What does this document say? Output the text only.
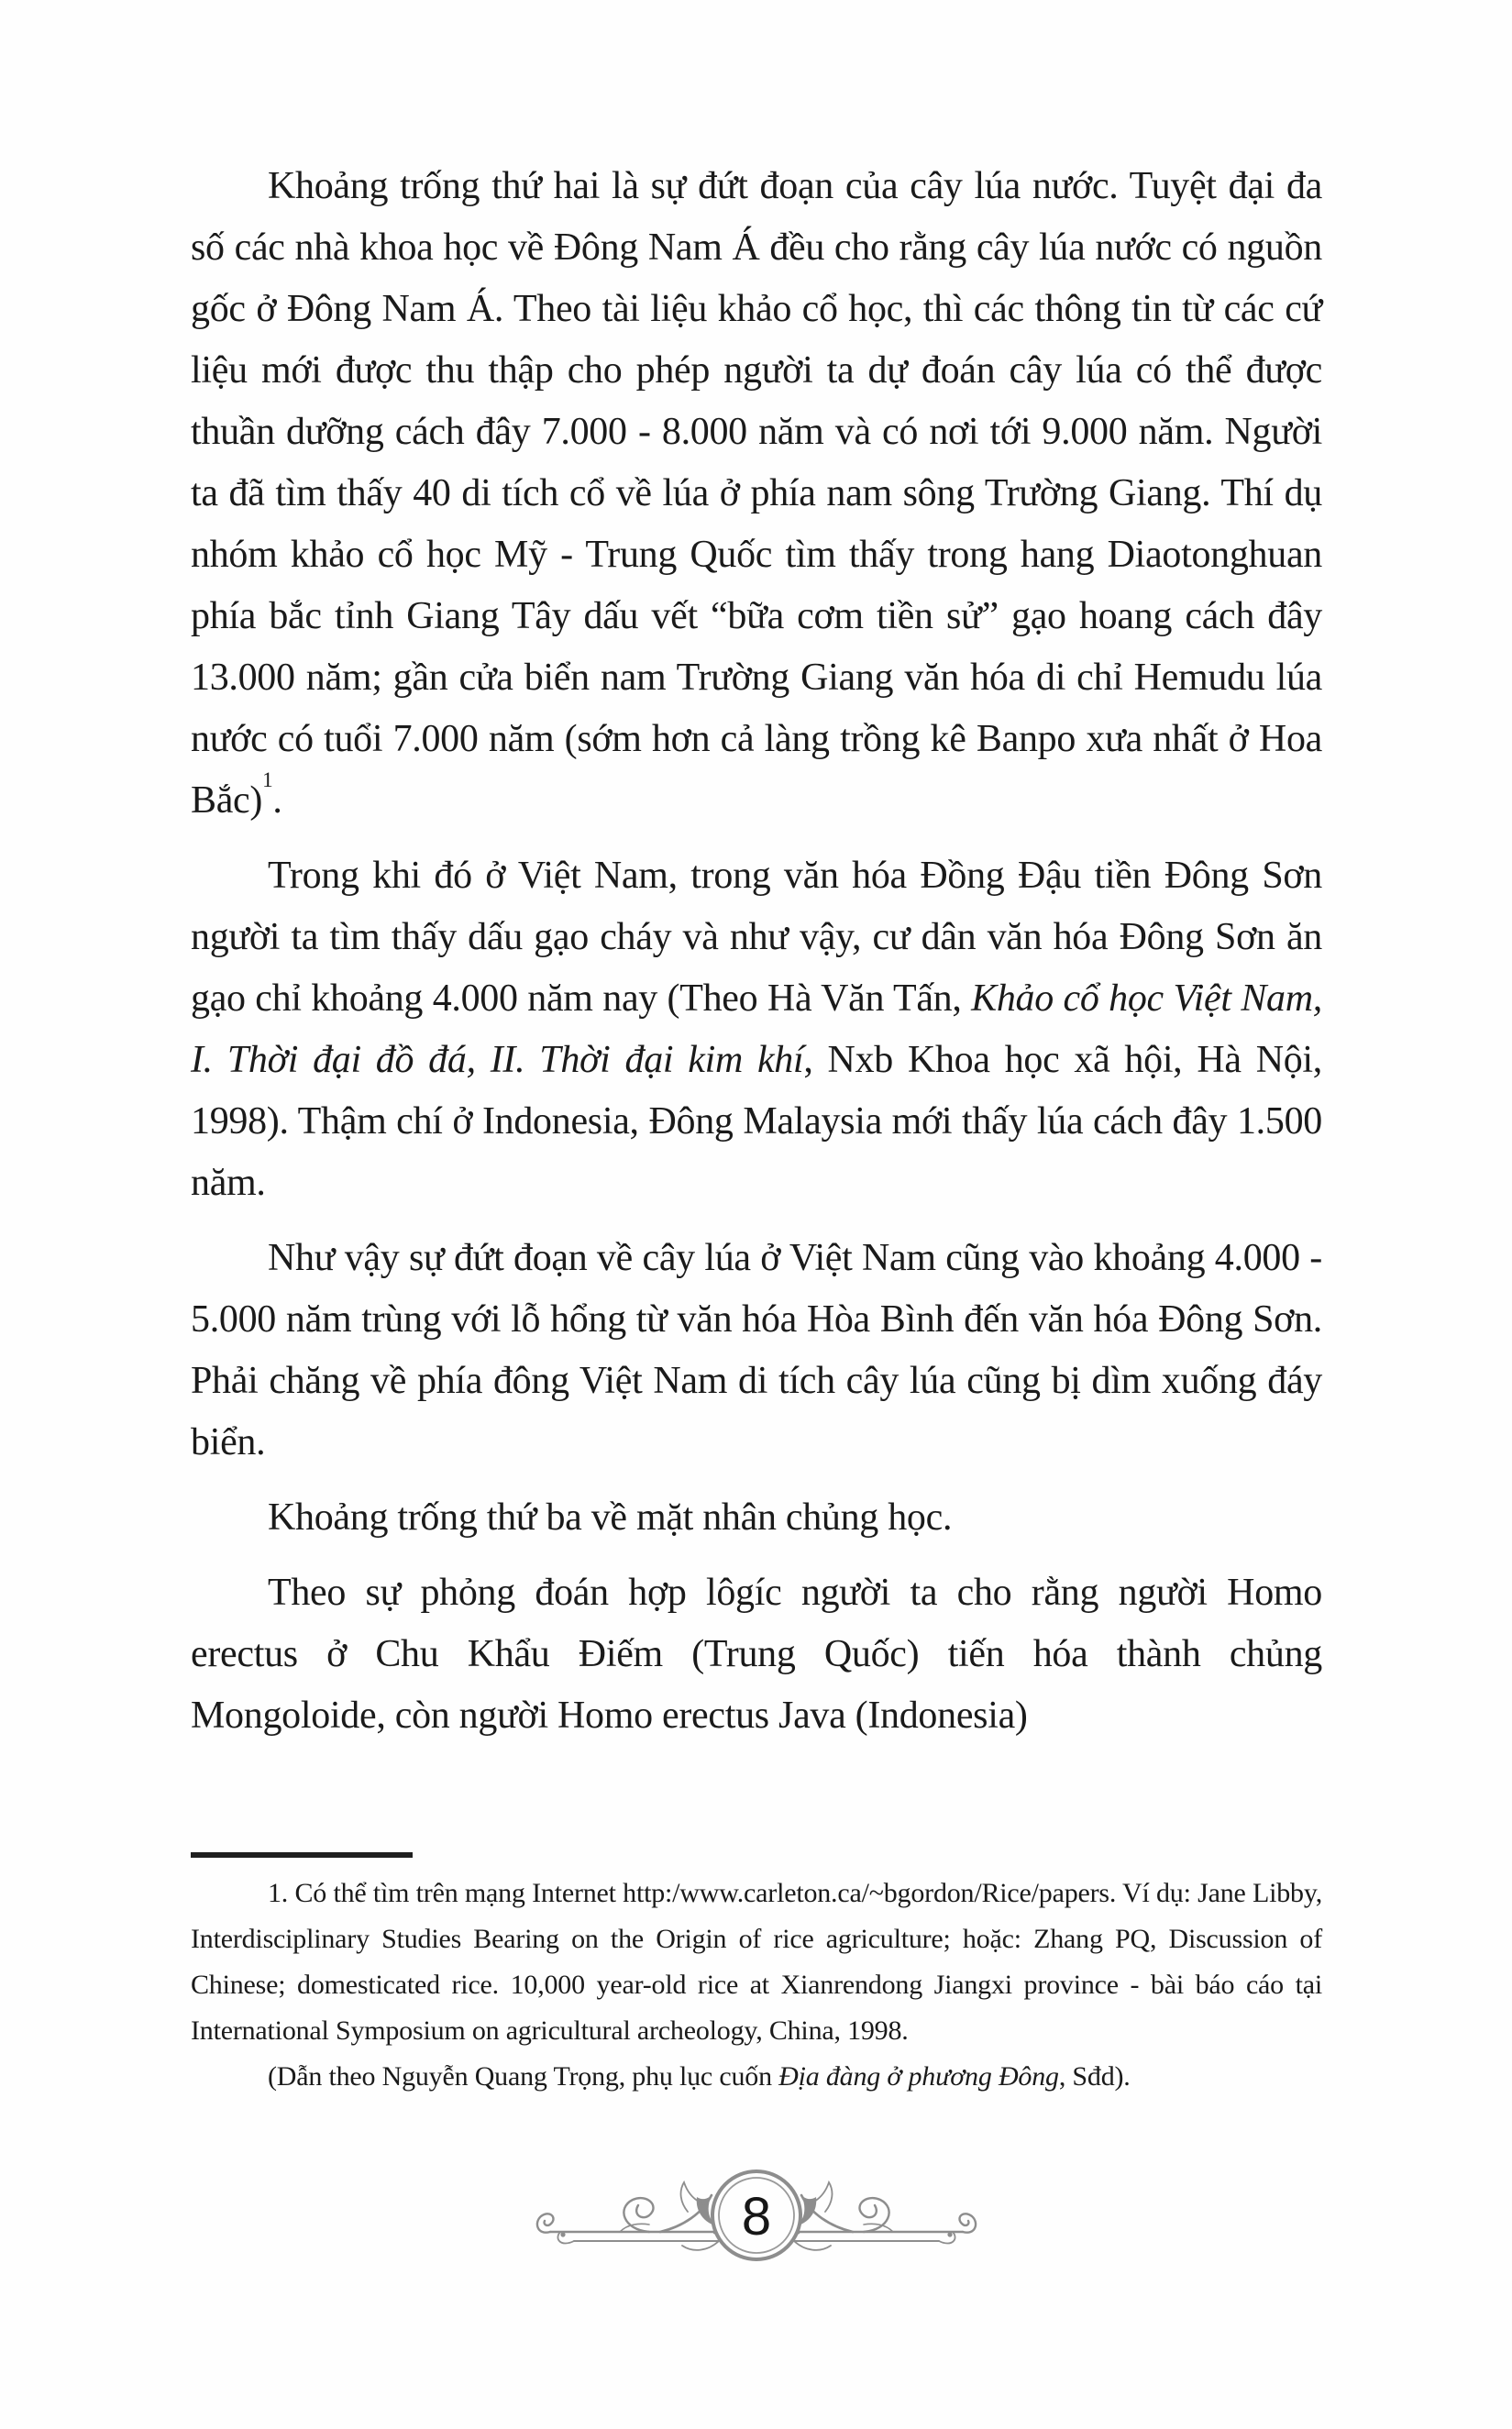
Khoảng trống thứ hai là sự đứt đoạn của cây lúa nước. Tuyệt đại đa số các nhà khoa học về Đông Nam Á đều cho rằng cây lúa nước có nguồn gốc ở Đông Nam Á. Theo tài liệu khảo cổ học, thì các thông tin từ các cứ liệu mới được thu thập cho phép người ta dự đoán cây lúa có thể được thuần dưỡng cách đây 7.000 - 8.000 năm và có nơi tới 9.000 năm. Người ta đã tìm thấy 40 di tích cổ về lúa ở phía nam sông Trường Giang. Thí dụ nhóm khảo cổ học Mỹ - Trung Quốc tìm thấy trong hang Diaotonghuan phía bắc tỉnh Giang Tây dấu vết “bữa cơm tiền sử” gạo hoang cách đây 13.000 năm; gần cửa biển nam Trường Giang văn hóa di chỉ Hemudu lúa nước có tuổi 7.000 năm (sớm hơn cả làng trồng kê Banpo xưa nhất ở Hoa Bắc)$^1$.

Trong khi đó ở Việt Nam, trong văn hóa Đồng Đậu tiền Đông Sơn người ta tìm thấy dấu gạo cháy và như vậy, cư dân văn hóa Đông Sơn ăn gạo chỉ khoảng 4.000 năm nay (Theo Hà Văn Tấn, Khảo cổ học Việt Nam, I. Thời đại đồ đá, II. Thời đại kim khí, Nxb Khoa học xã hội, Hà Nội, 1998). Thậm chí ở Indonesia, Đông Malaysia mới thấy lúa cách đây 1.500 năm.

Như vậy sự đứt đoạn về cây lúa ở Việt Nam cũng vào khoảng 4.000 - 5.000 năm trùng với lỗ hổng từ văn hóa Hòa Bình đến văn hóa Đông Sơn. Phải chăng về phía đông Việt Nam di tích cây lúa cũng bị dìm xuống đáy biển.

Khoảng trống thứ ba về mặt nhân chủng học.

Theo sự phỏng đoán hợp lôgíc người ta cho rằng người Homo erectus ở Chu Khẩu Điếm (Trung Quốc) tiến hóa thành chủng Mongoloide, còn người Homo erectus Java (Indonesia)

1. Có thể tìm trên mạng Internet http:/www.carleton.ca/~bgordon/Rice/papers. Ví dụ: Jane Libby, Interdisciplinary Studies Bearing on the Origin of rice agriculture; hoặc: Zhang PQ, Discussion of Chinese; domesticated rice. 10,000 year-old rice at Xianrendong Jiangxi province - bài báo cáo tại International Symposium on agricultural archeology, China, 1998.

(Dẫn theo Nguyễn Quang Trọng, phụ lục cuốn Địa đàng ở phương Đông, Sđd).

8
